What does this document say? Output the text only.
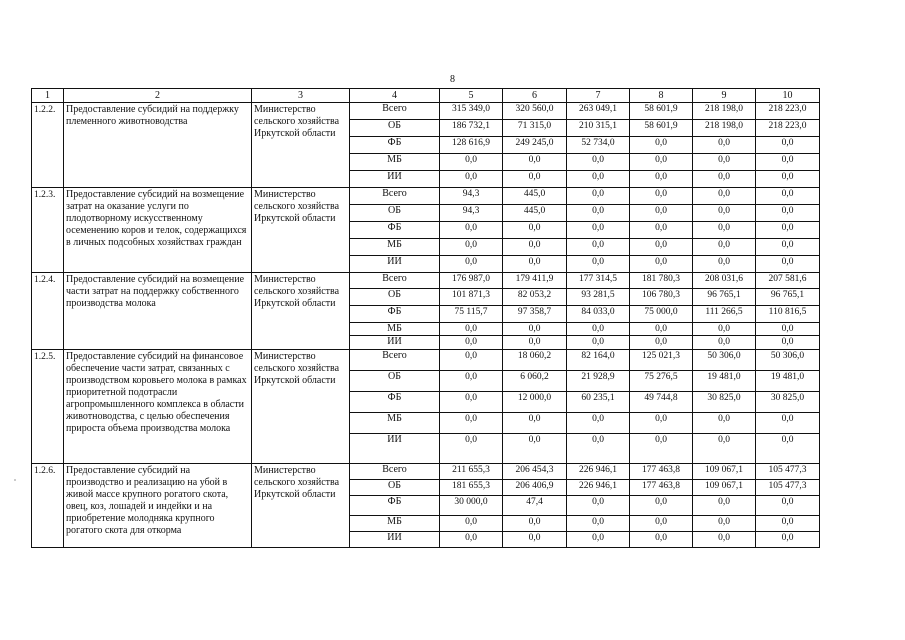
8
1	2	3	4	5	6	7	8	9	10
1.2.2.	Предоставление субсидий на поддержку племенного животноводства	Министерство сельского хозяйства Иркутской области	Всего	315 349,0	320 560,0	263 049,1	58 601,9	218 198,0	218 223,0
			ОБ	186 732,1	71 315,0	210 315,1	58 601,9	218 198,0	218 223,0
			ФБ	128 616,9	249 245,0	52 734,0	0,0	0,0	0,0
			МБ	0,0	0,0	0,0	0,0	0,0	0,0
			ИИ	0,0	0,0	0,0	0,0	0,0	0,0
1.2.3.	Предоставление субсидий на возмещение затрат на оказание услуги по плодотворному искусственному осеменению коров и телок, содержащихся в личных подсобных хозяйствах граждан	Министерство сельского хозяйства Иркутской области	Всего	94,3	445,0	0,0	0,0	0,0	0,0
			ОБ	94,3	445,0	0,0	0,0	0,0	0,0
			ФБ	0,0	0,0	0,0	0,0	0,0	0,0
			МБ	0,0	0,0	0,0	0,0	0,0	0,0
			ИИ	0,0	0,0	0,0	0,0	0,0	0,0
1.2.4.	Предоставление субсидий на возмещение части затрат на поддержку собственного производства молока	Министерство сельского хозяйства Иркутской области	Всего	176 987,0	179 411,9	177 314,5	181 780,3	208 031,6	207 581,6
			ОБ	101 871,3	82 053,2	93 281,5	106 780,3	96 765,1	96 765,1
			ФБ	75 115,7	97 358,7	84 033,0	75 000,0	111 266,5	110 816,5
			МБ	0,0	0,0	0,0	0,0	0,0	0,0
			ИИ	0,0	0,0	0,0	0,0	0,0	0,0
1.2.5.	Предоставление субсидий на финансовое обеспечение части затрат, связанных с производством коровьего молока в рамках приоритетной подотрасли агропромышленного комплекса в области животноводства, с целью обеспечения прироста объема производства молока	Министерство сельского хозяйства Иркутской области	Всего	0,0	18 060,2	82 164,0	125 021,3	50 306,0	50 306,0
			ОБ	0,0	6 060,2	21 928,9	75 276,5	19 481,0	19 481,0
			ФБ	0,0	12 000,0	60 235,1	49 744,8	30 825,0	30 825,0
			МБ	0,0	0,0	0,0	0,0	0,0	0,0
			ИИ	0,0	0,0	0,0	0,0	0,0	0,0
1.2.6.	Предоставление субсидий на производство и реализацию на убой в живой массе крупного рогатого скота, овец, коз, лошадей и индейки и на приобретение молодняка крупного рогатого скота для откорма	Министерство сельского хозяйства Иркутской области	Всего	211 655,3	206 454,3	226 946,1	177 463,8	109 067,1	105 477,3
			ОБ	181 655,3	206 406,9	226 946,1	177 463,8	109 067,1	105 477,3
			ФБ	30 000,0	47,4	0,0	0,0	0,0	0,0
			МБ	0,0	0,0	0,0	0,0	0,0	0,0
			ИИ	0,0	0,0	0,0	0,0	0,0	0,0
